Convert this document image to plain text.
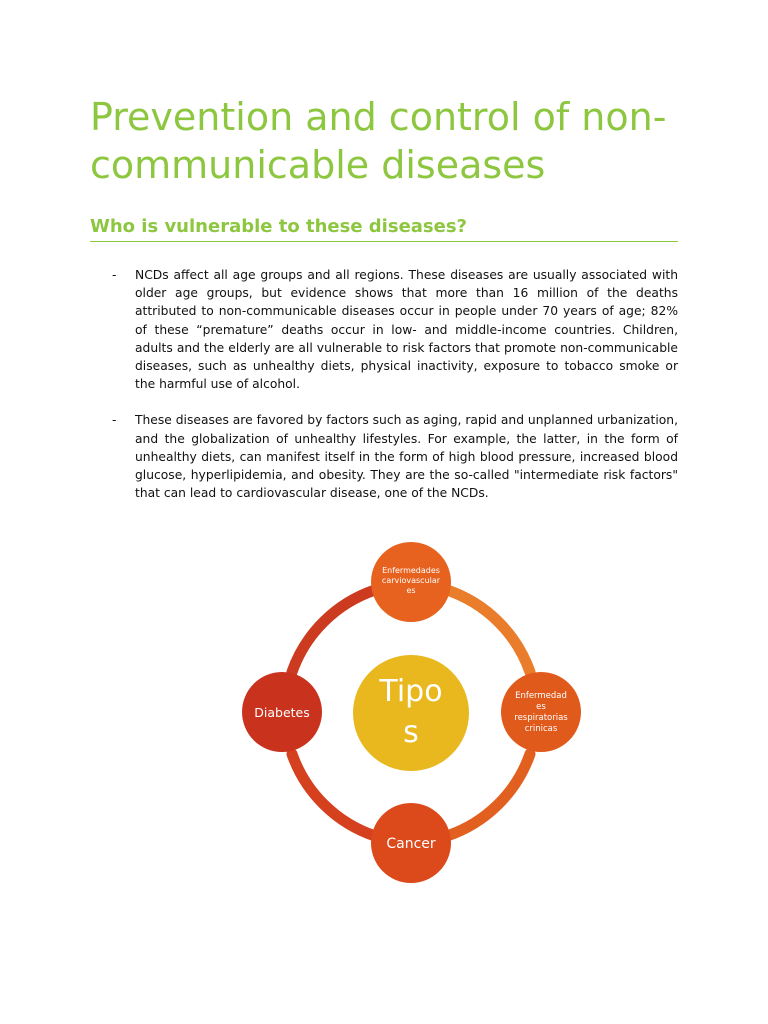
Prevention and control of non-communicable diseases
Who is vulnerable to these diseases?
- NCDs affect all age groups and all regions. These diseases are usually associated with older age groups, but evidence shows that more than 16 million of the deaths attributed to non-communicable diseases occur in people under 70 years of age; 82% of these “premature” deaths occur in low- and middle-income countries. Children, adults and the elderly are all vulnerable to risk factors that promote non-communicable diseases, such as unhealthy diets, physical inactivity, exposure to tobacco smoke or the harmful use of alcohol.

- These diseases are favored by factors such as aging, rapid and unplanned urbanization, and the globalization of unhealthy lifestyles. For example, the latter, in the form of unhealthy diets, can manifest itself in the form of high blood pressure, increased blood glucose, hyperlipidemia, and obesity. They are the so-called "intermediate risk factors" that can lead to cardiovascular disease, one of the NCDs.

Tipo
s
Enfermedades
carviovascular
es
Enfermedad
es
respiratorias
crinicas
Cancer
Diabetes
